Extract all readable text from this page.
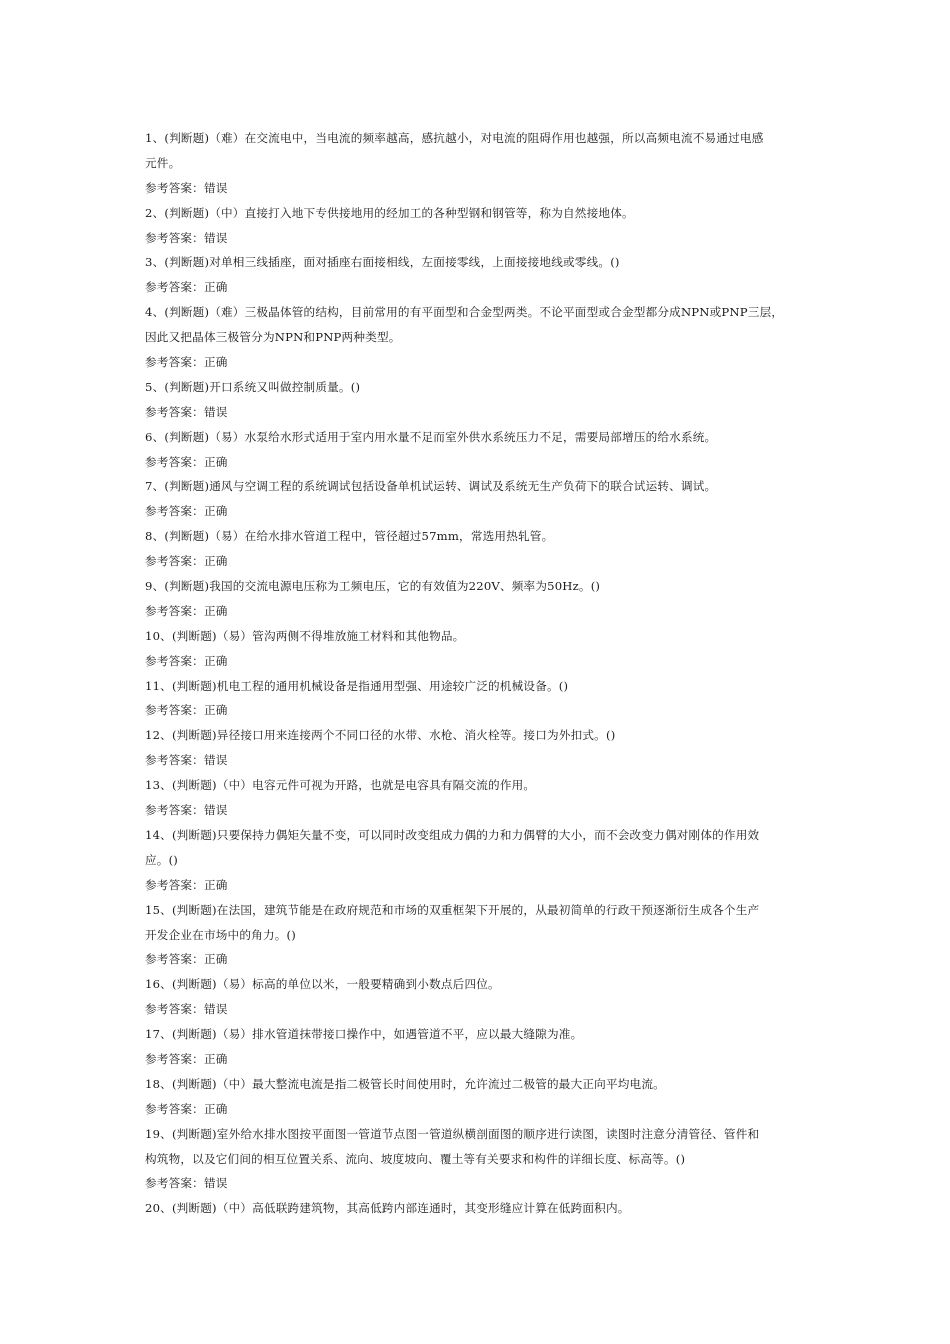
1、(判断题)（难）在交流电中，当电流的频率越高，感抗越小，对电流的阻碍作用也越强，所以高频电流不易通过电感
元件。
参考答案：错误
2、(判断题)（中）直接打入地下专供接地用的经加工的各种型钢和钢管等，称为自然接地体。
参考答案：错误
3、(判断题)对单相三线插座，面对插座右面接相线，左面接零线，上面接接地线或零线。()
参考答案：正确
4、(判断题)（难）三极晶体管的结构，目前常用的有平面型和合金型两类。不论平面型或合金型都分成NPN或PNP三层，
因此又把晶体三极管分为NPN和PNP两种类型。
参考答案：正确
5、(判断题)开口系统又叫做控制质量。()
参考答案：错误
6、(判断题)（易）水泵给水形式适用于室内用水量不足而室外供水系统压力不足，需要局部增压的给水系统。
参考答案：正确
7、(判断题)通风与空调工程的系统调试包括设备单机试运转、调试及系统无生产负荷下的联合试运转、调试。
参考答案：正确
8、(判断题)（易）在给水排水管道工程中，管径超过57mm，常选用热轧管。
参考答案：正确
9、(判断题)我国的交流电源电压称为工频电压，它的有效值为220V、频率为50Hz。()
参考答案：正确
10、(判断题)（易）管沟两侧不得堆放施工材料和其他物品。
参考答案：正确
11、(判断题)机电工程的通用机械设备是指通用型强、用途较广泛的机械设备。()
参考答案：正确
12、(判断题)异径接口用来连接两个不同口径的水带、水枪、消火栓等。接口为外扣式。()
参考答案：错误
13、(判断题)（中）电容元件可视为开路，也就是电容具有隔交流的作用。
参考答案：错误
14、(判断题)只要保持力偶矩矢量不变，可以同时改变组成力偶的力和力偶臂的大小，而不会改变力偶对刚体的作用效
应。()
参考答案：正确
15、(判断题)在法国，建筑节能是在政府规范和市场的双重框架下开展的，从最初简单的行政干预逐渐衍生成各个生产
开发企业在市场中的角力。()
参考答案：正确
16、(判断题)（易）标高的单位以米，一般要精确到小数点后四位。
参考答案：错误
17、(判断题)（易）排水管道抹带接口操作中，如遇管道不平，应以最大缝隙为准。
参考答案：正确
18、(判断题)（中）最大整流电流是指二极管长时间使用时，允许流过二极管的最大正向平均电流。
参考答案：正确
19、(判断题)室外给水排水图按平面图一管道节点图一管道纵横剖面图的顺序进行读图，读图时注意分清管径、管件和
构筑物，以及它们间的相互位置关系、流向、坡度坡向、覆土等有关要求和构件的详细长度、标高等。()
参考答案：错误
20、(判断题)（中）高低联跨建筑物，其高低跨内部连通时，其变形缝应计算在低跨面积内。
